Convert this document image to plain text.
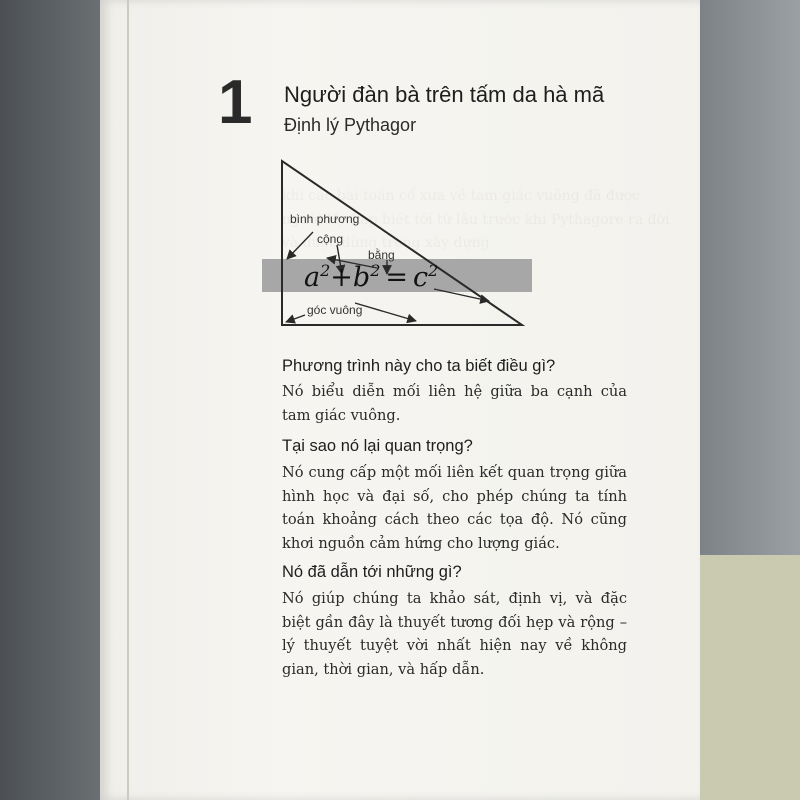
1 Người đàn bà trên tấm da hà mã
Định lý Pythagor
bình phương
cộng
bằng
góc vuông
$a^2+b^2 = c^2$
Phương trình này cho ta biết điều gì?

Nó biểu diễn mối liên hệ giữa ba cạnh của tam giác vuông.

Tại sao nó lại quan trọng?

Nó cung cấp một mối liên kết quan trọng giữa hình học và đại số, cho phép chúng ta tính toán khoảng cách theo các tọa độ. Nó cũng khơi nguồn cảm hứng cho lượng giác.

Nó đã dẫn tới những gì?

Nó giúp chúng ta khảo sát, định vị, và đặc biệt gần đây là thuyết tương đối hẹp và rộng – lý thuyết tuyệt vời nhất hiện nay về không gian, thời gian, và hấp dẫn.
